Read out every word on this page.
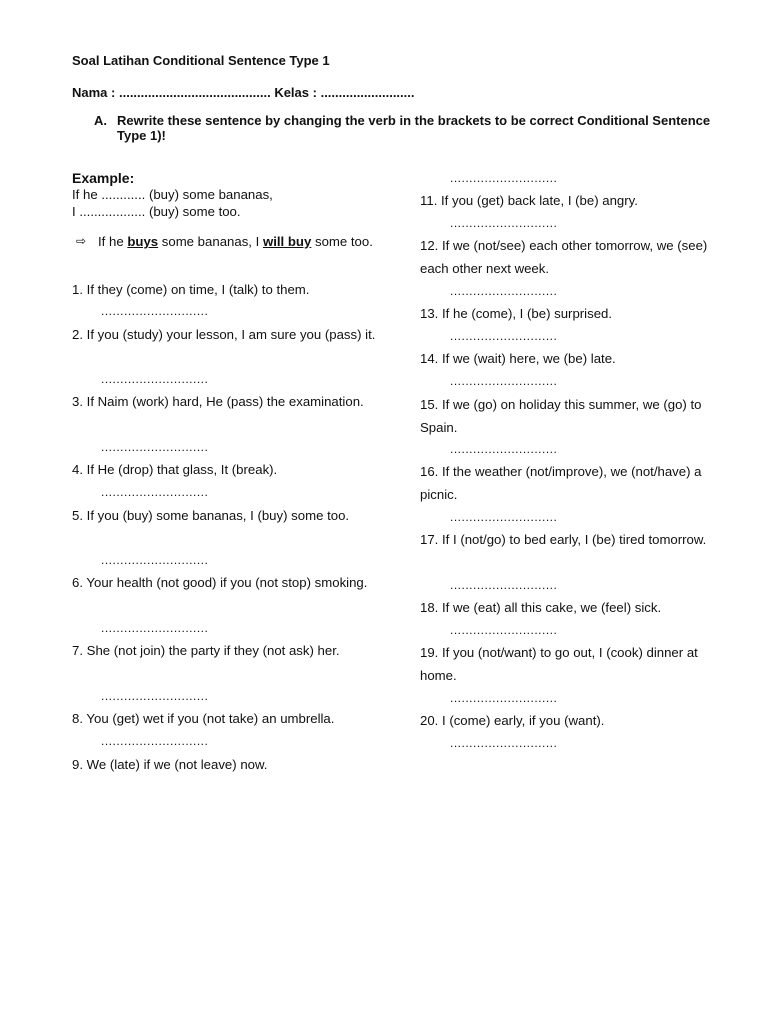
Soal Latihan Conditional Sentence Type 1
Nama : .......................................... Kelas : ..........................
A. Rewrite these sentence by changing the verb in the brackets to be correct Conditional Sentence Type 1)!
Example:
If he ............ (buy) some bananas,
I .................. (buy) some too.
⇨ If he buys some bananas, I will buy some too.
1. If they (come) on time, I (talk) to them.
............................
2. If you (study) your lesson, I am sure you (pass) it.
............................
3. If Naim (work) hard, He (pass) the examination.
............................
4. If He (drop) that glass, It (break).
............................
5. If you (buy) some bananas, I (buy) some too.
............................
6. Your health (not good) if you (not stop) smoking.
............................
7. She (not join) the party if they (not ask) her.
............................
8. You (get) wet if you (not take) an umbrella.
............................
9. We (late) if we (not leave) now.
............................
11. If you (get) back late, I (be) angry.
............................
12. If we (not/see) each other tomorrow, we (see) each other next week.
............................
13. If he (come), I (be) surprised.
............................
14. If we (wait) here, we (be) late.
............................
15. If we (go) on holiday this summer, we (go) to Spain.
............................
16. If the weather (not/improve), we (not/have) a picnic.
............................
17. If I (not/go) to bed early, I (be) tired tomorrow.
............................
18. If we (eat) all this cake, we (feel) sick.
............................
19. If you (not/want) to go out, I (cook) dinner at home.
............................
20. I (come) early, if you (want).
............................
